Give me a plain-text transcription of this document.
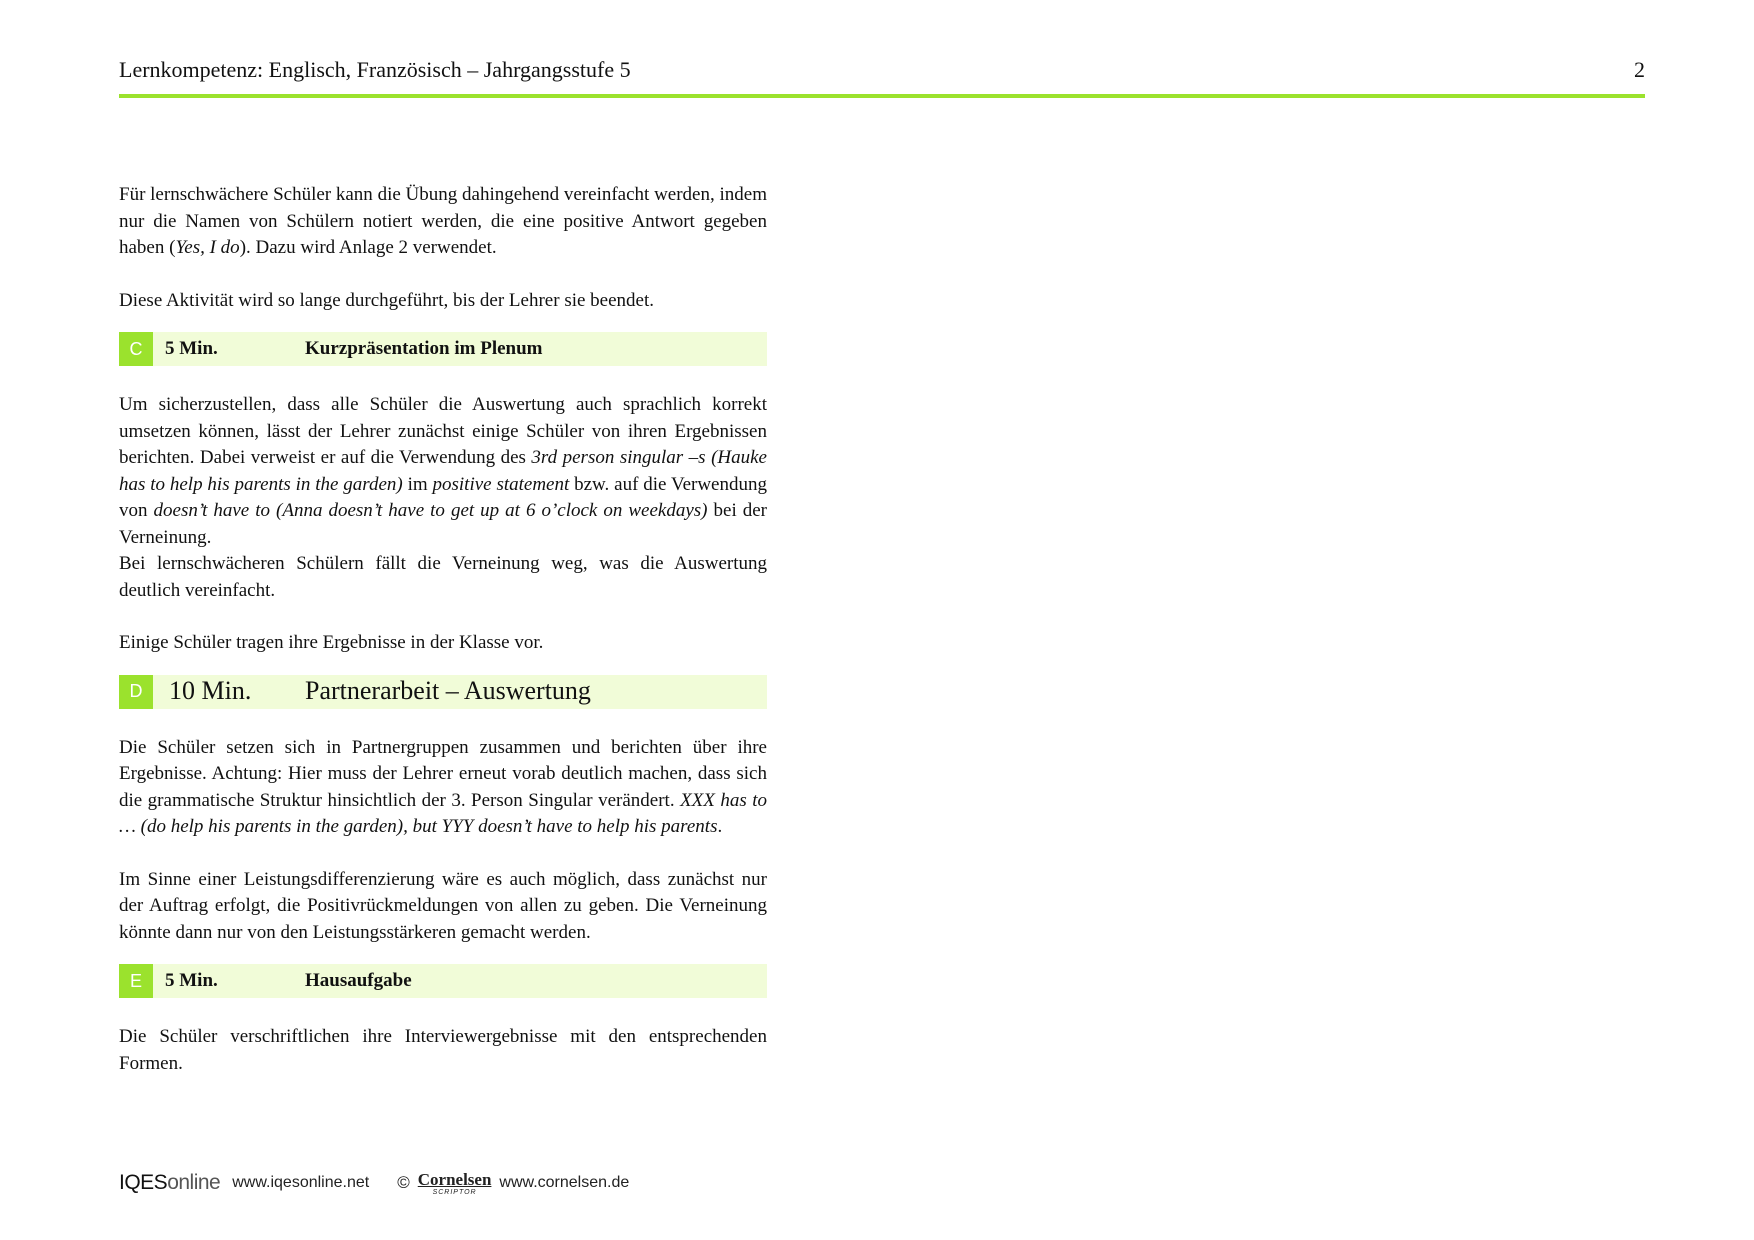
Lernkompetenz: Englisch, Französisch – Jahrgangsstufe 5	2

Für lernschwächere Schüler kann die Übung dahingehend vereinfacht werden, indem nur die Namen von Schülern notiert werden, die eine positive Antwort gegeben haben (Yes, I do). Dazu wird Anlage 2 verwendet.

Diese Aktivität wird so lange durchgeführt, bis der Lehrer sie beendet.

C	5 Min.	Kurzpräsentation im Plenum

Um sicherzustellen, dass alle Schüler die Auswertung auch sprachlich korrekt umsetzen können, lässt der Lehrer zunächst einige Schüler von ihren Ergebnissen berichten. Dabei verweist er auf die Verwendung des 3rd person singular –s (Hauke has to help his parents in the garden) im positive statement bzw. auf die Verwendung von doesn’t have to (Anna doesn’t have to get up at 6 o’clock on weekdays) bei der Verneinung.

Bei lernschwächeren Schülern fällt die Verneinung weg, was die Auswertung deutlich vereinfacht.

Einige Schüler tragen ihre Ergebnisse in der Klasse vor.

D	10 Min.	Partnerarbeit – Auswertung

Die Schüler setzen sich in Partnergruppen zusammen und berichten über ihre Ergebnisse. Achtung: Hier muss der Lehrer erneut vorab deutlich machen, dass sich die grammatische Struktur hinsichtlich der 3. Person Singular verändert. XXX has to … (do help his parents in the garden), but YYY doesn’t have to help his parents.

Im Sinne einer Leistungsdifferenzierung wäre es auch möglich, dass zunächst nur der Auftrag erfolgt, die Positivrückmeldungen von allen zu geben. Die Verneinung könnte dann nur von den Leistungsstärkeren gemacht werden.

E	5 Min.	Hausaufgabe

Die Schüler verschriftlichen ihre Interviewergebnisse mit den entsprechenden Formen.

IQESonline www.iqesonline.net © Cornelsen
SCRIPTOR
www.cornelsen.de
